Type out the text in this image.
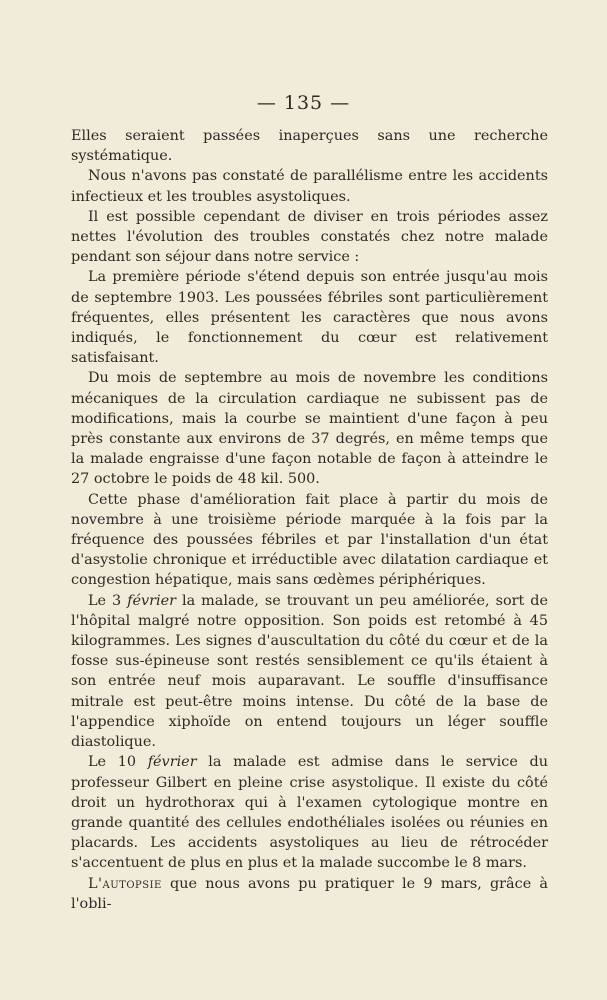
— 135 —

Elles seraient passées inaperçues sans une recherche systématique.

Nous n'avons pas constaté de parallélisme entre les accidents infectieux et les troubles asystoliques.

Il est possible cependant de diviser en trois périodes assez nettes l'évolution des troubles constatés chez notre malade pendant son séjour dans notre service :

La première période s'étend depuis son entrée jusqu'au mois de septembre 1903. Les poussées fébriles sont particulièrement fréquentes, elles présentent les caractères que nous avons indiqués, le fonctionnement du cœur est relativement satisfaisant.

Du mois de septembre au mois de novembre les conditions mécaniques de la circulation cardiaque ne subissent pas de modifications, mais la courbe se maintient d'une façon à peu près constante aux environs de 37 degrés, en même temps que la malade engraisse d'une façon notable de façon à atteindre le 27 octobre le poids de 48 kil. 500.

Cette phase d'amélioration fait place à partir du mois de novembre à une troisième période marquée à la fois par la fréquence des poussées fébriles et par l'installation d'un état d'asystolie chronique et irréductible avec dilatation cardiaque et congestion hépatique, mais sans œdèmes périphériques.

Le 3 février la malade, se trouvant un peu améliorée, sort de l'hôpital malgré notre opposition. Son poids est retombé à 45 kilogrammes. Les signes d'auscultation du côté du cœur et de la fosse sus-épineuse sont restés sensiblement ce qu'ils étaient à son entrée neuf mois auparavant. Le souffle d'insuffisance mitrale est peut-être moins intense. Du côté de la base de l'appendice xiphoïde on entend toujours un léger souffle diastolique.

Le 10 février la malade est admise dans le service du professeur Gilbert en pleine crise asystolique. Il existe du côté droit un hydrothorax qui à l'examen cytologique montre en grande quantité des cellules endothéliales isolées ou réunies en placards. Les accidents asystoliques au lieu de rétrocéder s'accentuent de plus en plus et la malade succombe le 8 mars.

L'autopsie que nous avons pu pratiquer le 9 mars, grâce à l'obli-
